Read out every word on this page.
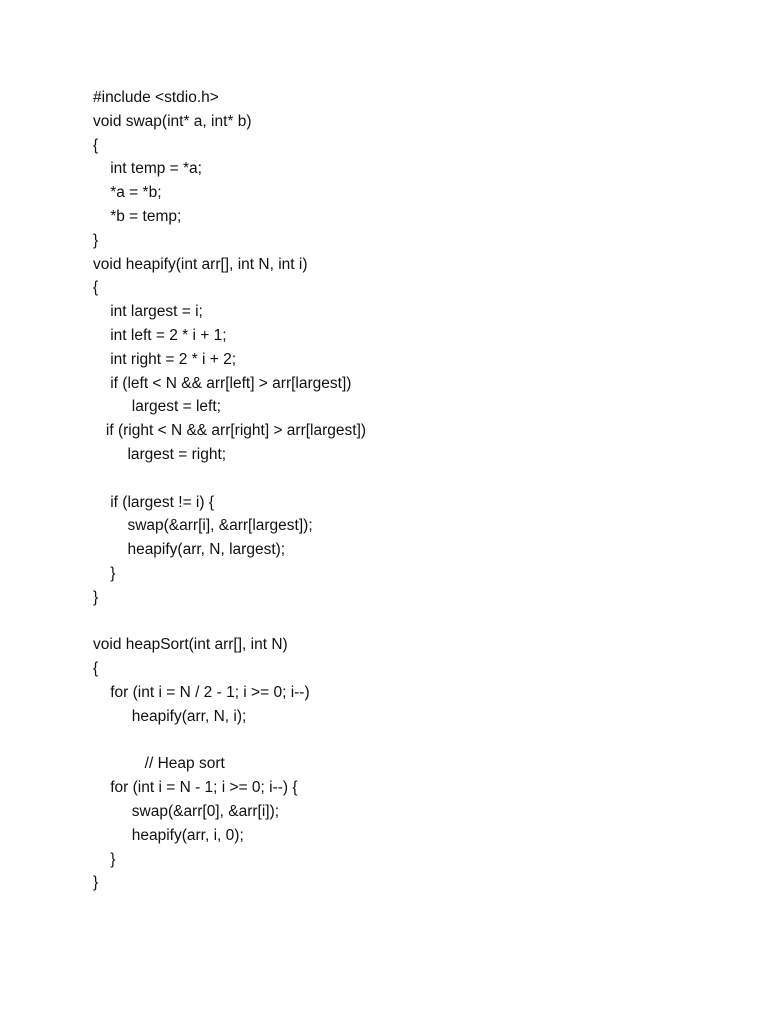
#include <stdio.h>
void swap(int* a, int* b)
{
int temp = *a;
*a = *b;
*b = temp;
}
void heapify(int arr[], int N, int i)
{
int largest = i;
int left = 2 * i + 1;
int right = 2 * i + 2;
if (left < N && arr[left] > arr[largest])
largest = left;
if (right < N && arr[right] > arr[largest])
largest = right;
if (largest != i) {
swap(&arr[i], &arr[largest]);
heapify(arr, N, largest);
}
}
void heapSort(int arr[], int N)
{
for (int i = N / 2 - 1; i >= 0; i--)
heapify(arr, N, i);
// Heap sort
for (int i = N - 1; i >= 0; i--) {
swap(&arr[0], &arr[i]);
heapify(arr, i, 0);
}
}
